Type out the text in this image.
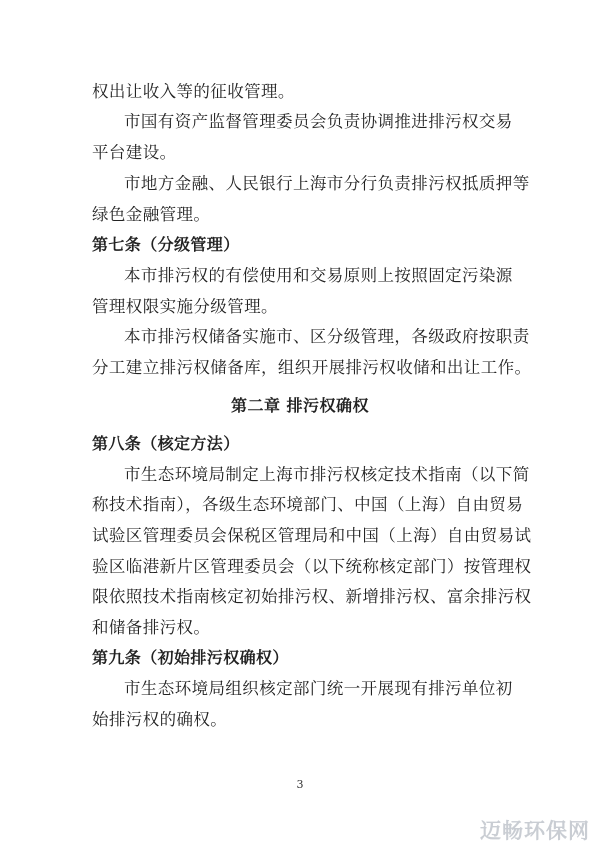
权出让收入等的征收管理。
市国有资产监督管理委员会负责协调推进排污权交易
平台建设。
市地方金融、人民银行上海市分行负责排污权抵质押等
绿色金融管理。
第七条（分级管理）
本市排污权的有偿使用和交易原则上按照固定污染源
管理权限实施分级管理。
本市排污权储备实施市、区分级管理，各级政府按职责
分工建立排污权储备库，组织开展排污权收储和出让工作。
第二章 排污权确权
第八条（核定方法）
市生态环境局制定上海市排污权核定技术指南（以下简
称技术指南），各级生态环境部门、中国（上海）自由贸易
试验区管理委员会保税区管理局和中国（上海）自由贸易试
验区临港新片区管理委员会（以下统称核定部门）按管理权
限依照技术指南核定初始排污权、新增排污权、富余排污权
和储备排污权。
第九条（初始排污权确权）
市生态环境局组织核定部门统一开展现有排污单位初
始排污权的确权。
3
迈畅环保网
